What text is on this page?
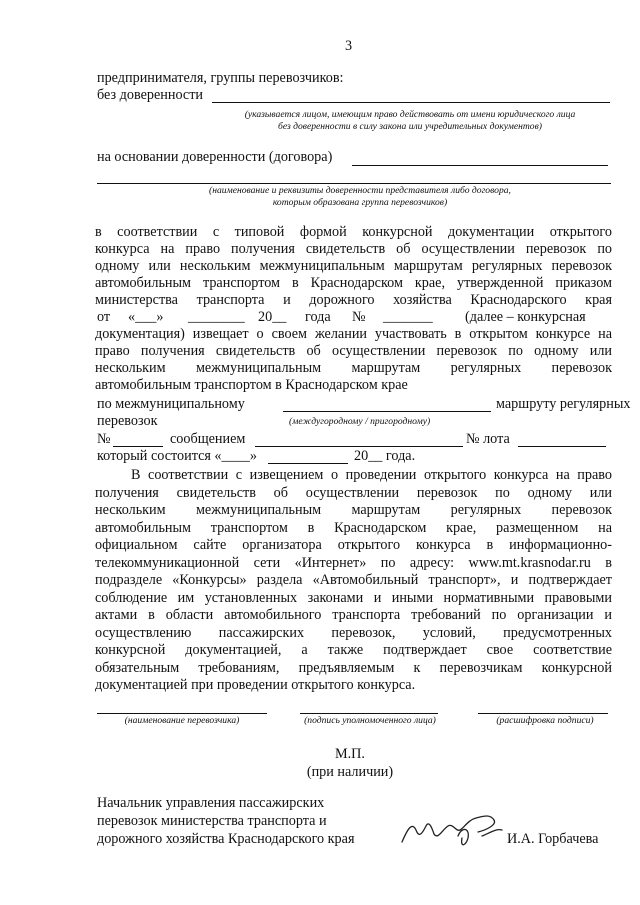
3
предпринимателя, группы перевозчиков:
без доверенности
(указывается лицом, имеющим право действовать от имени юридического лица
без доверенности в силу закона или учредительных документов)
на основании доверенности (договора)
(наименование и реквизиты доверенности представителя либо договора,
которым образована группа перевозчиков)
в соответствии с типовой формой конкурсной документации открытого
конкурса на право получения свидетельств об осуществлении перевозок по
одному или нескольким межмуниципальным маршрутам регулярных перевозок
автомобильным транспортом в Краснодарском крае, утвержденной приказом
министерства транспорта и дорожного хозяйства Краснодарского края
от «___» ________ 20__ года № _______ (далее – конкурсная
документация) извещает о своем желании участвовать в открытом конкурсе на
право получения свидетельств об осуществлении перевозок по одному или
нескольким межмуниципальным маршрутам регулярных перевозок
автомобильным транспортом в Краснодарском крае
по межмуниципальному	маршруту регулярных
перевозок	(междугородному / пригородному)
№	сообщением	№ лота
который состоится «____»	20__ года.
В соответствии с извещением о проведении открытого конкурса на право
получения свидетельств об осуществлении перевозок по одному или
нескольким межмуниципальным маршрутам регулярных перевозок
автомобильным транспортом в Краснодарском крае, размещенном на
официальном сайте организатора открытого конкурса в информационно-
телекоммуникационной сети «Интернет» по адресу: www.mt.krasnodar.ru в
подразделе «Конкурсы» раздела «Автомобильный транспорт», и подтверждает
соблюдение им установленных законами и иными нормативными правовыми
актами в области автомобильного транспорта требований по организации и
осуществлению пассажирских перевозок, условий, предусмотренных
конкурсной документацией, а также подтверждает свое соответствие
обязательным требованиям, предъявляемым к перевозчикам конкурсной
документацией при проведении открытого конкурса.
(наименование перевозчика)	(подпись уполномоченного лица)	(расшифровка подписи)
М.П.
(при наличии)
Начальник управления пассажирских
перевозок министерства транспорта и
дорожного хозяйства Краснодарского края	И.А. Горбачева
